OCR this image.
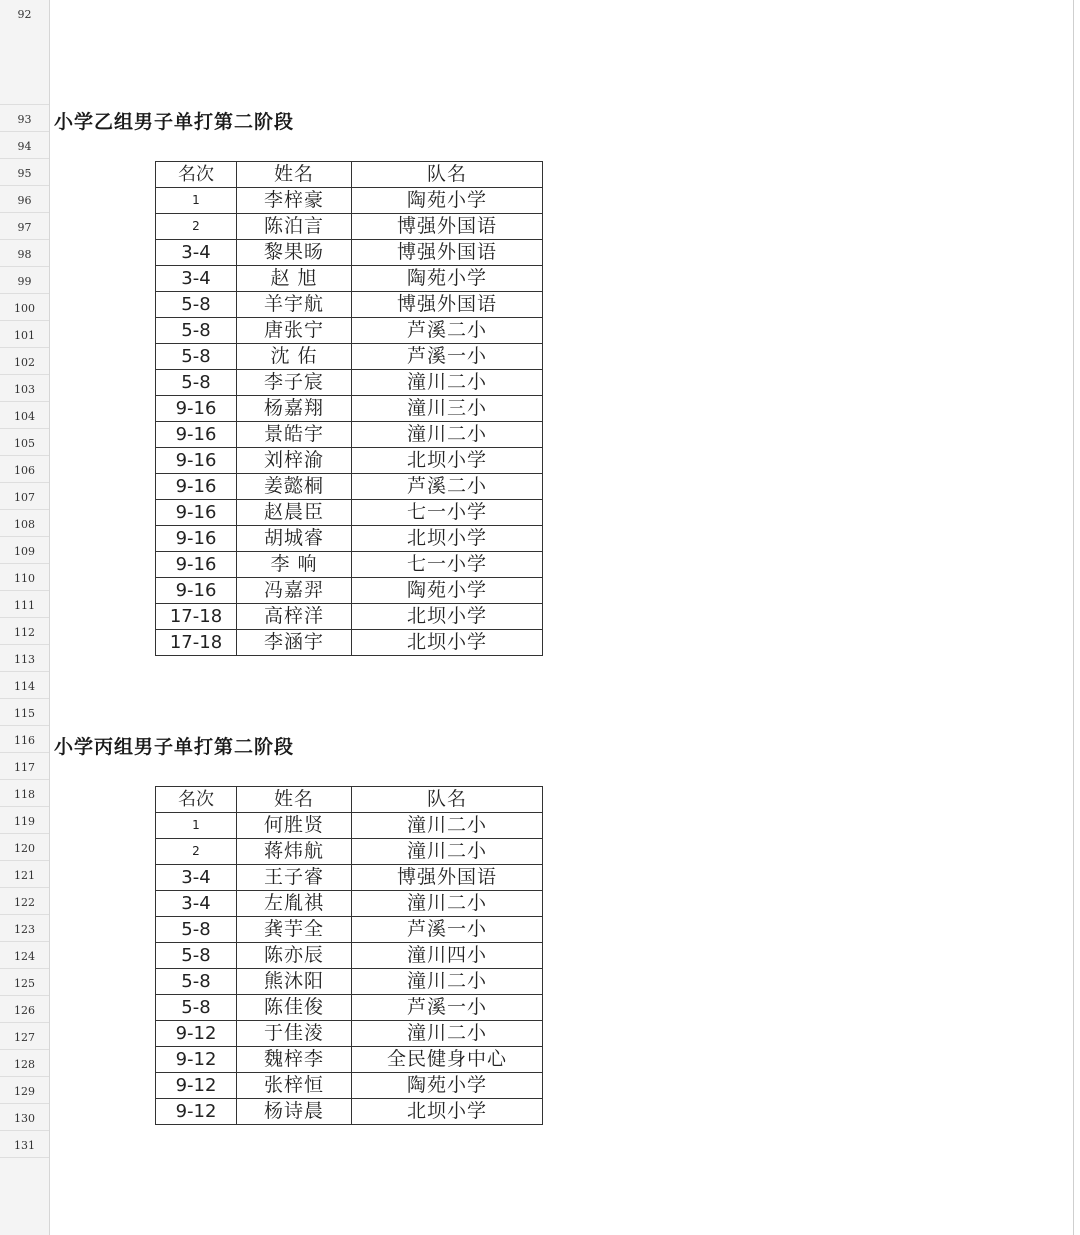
92
93
94
95
96
97
98
99
100
101
102
103
104
105
106
107
108
109
110
111
112
113
114
115
116
117
118
119
120
121
122
123
124
125
126
127
128
129
130
131
小学乙组男子单打第二阶段
名次	姓名	队名
1	李梓豪	陶苑小学
2	陈泊言	博强外国语
3-4	黎果旸	博强外国语
3-4	赵 旭	陶苑小学
5-8	羊宇航	博强外国语
5-8	唐张宁	芦溪二小
5-8	沈 佑	芦溪一小
5-8	李子宸	潼川二小
9-16	杨嘉翔	潼川三小
9-16	景皓宇	潼川二小
9-16	刘梓渝	北坝小学
9-16	姜懿桐	芦溪二小
9-16	赵晨臣	七一小学
9-16	胡城睿	北坝小学
9-16	李 响	七一小学
9-16	冯嘉羿	陶苑小学
17-18	高梓洋	北坝小学
17-18	李涵宇	北坝小学
小学丙组男子单打第二阶段
名次	姓名	队名
1	何胜贤	潼川二小
2	蒋炜航	潼川二小
3-4	王子睿	博强外国语
3-4	左胤祺	潼川二小
5-8	龚芋全	芦溪一小
5-8	陈亦辰	潼川四小
5-8	熊沐阳	潼川二小
5-8	陈佳俊	芦溪一小
9-12	于佳淩	潼川二小
9-12	魏梓李	全民健身中心
9-12	张梓恒	陶苑小学
9-12	杨诗晨	北坝小学
